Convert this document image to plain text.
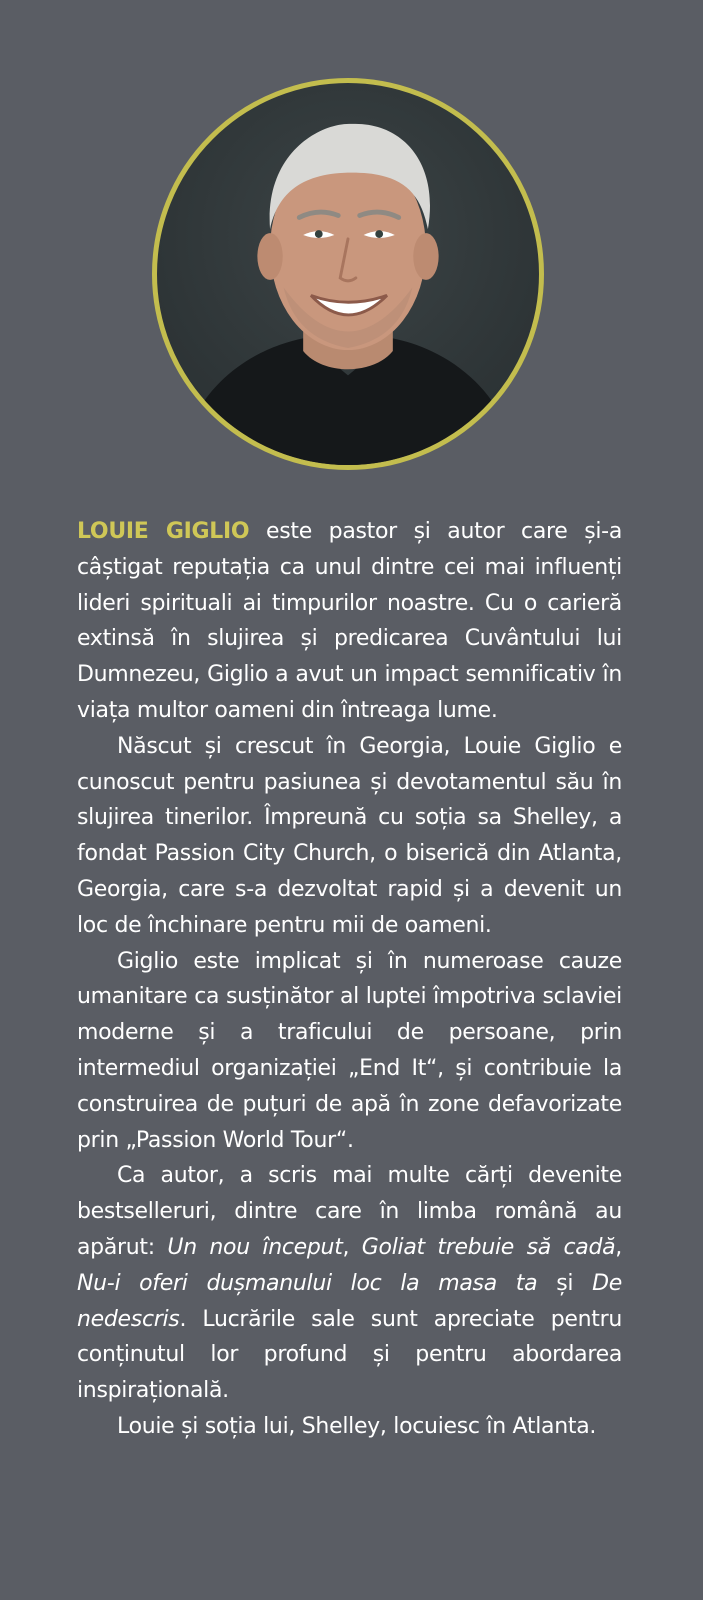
LOUIE GIGLIO este pastor și autor care și-a câștigat reputația ca unul dintre cei mai influenți lideri spirituali ai timpurilor noastre. Cu o carieră extinsă în slujirea și predicarea Cuvântului lui Dumnezeu, Giglio a avut un impact semnificativ în viața multor oameni din întreaga lume.

Născut și crescut în Georgia, Louie Giglio e cunoscut pentru pasiunea și devotamentul său în slujirea tinerilor. Împreună cu soția sa Shelley, a fondat Passion City Church, o biserică din Atlanta, Georgia, care s-a dezvoltat rapid și a devenit un loc de închinare pentru mii de oameni.

Giglio este implicat și în numeroase cauze umanitare ca susținător al luptei împotriva sclaviei moderne și a traficului de persoane, prin intermediul organizației „End It“, și contribuie la construirea de puțuri de apă în zone defavorizate prin „Passion World Tour“.

Ca autor, a scris mai multe cărți devenite bestselleruri, dintre care în limba română au apărut: Un nou început, Goliat trebuie să cadă, Nu-i oferi dușmanului loc la masa ta și De nedescris. Lucrările sale sunt apreciate pentru conținutul lor profund și pentru abordarea inspirațională.

Louie și soția lui, Shelley, locuiesc în Atlanta.
